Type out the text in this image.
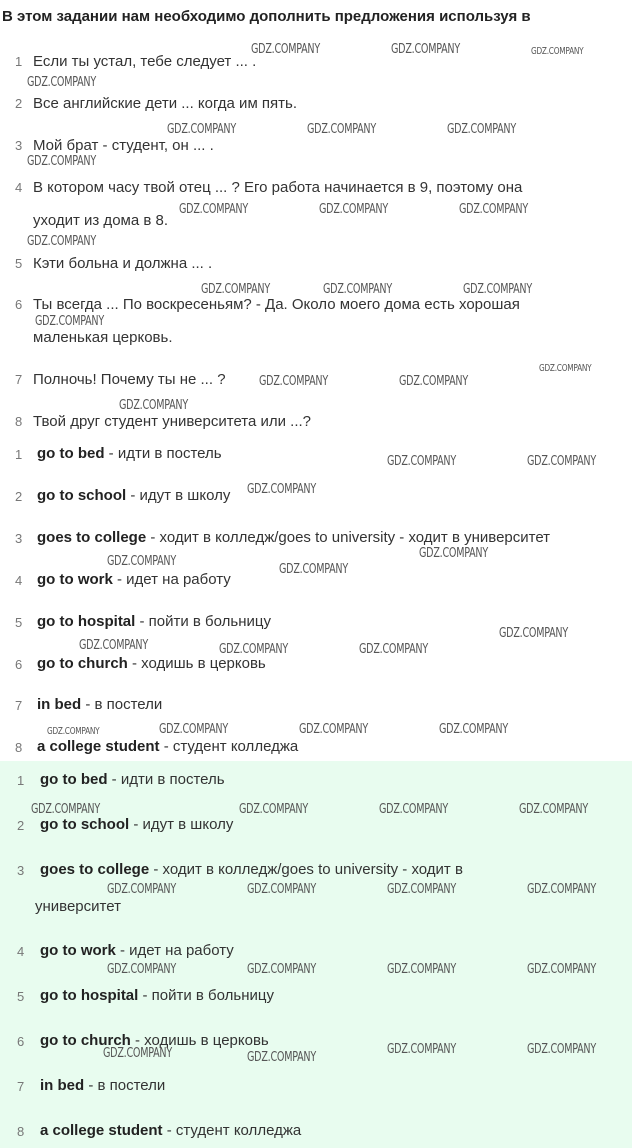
В этом задании нам необходимо дополнить предложения используя в
1 Если ты устал, тебе следует ... .
2 Все английские дети ... когда им пять.
3 Мой брат - студент, он ... .
4 В котором часу твой отец ... ? Его работа начинается в 9, поэтому она
уходит из дома в 8.
5 Кэти больна и должна ... .
6 Ты всегда ... По воскресеньям? - Да. Около моего дома есть хорошая
маленькая церковь.
7 Полночь! Почему ты не ... ?
8 Твой друг студент университета или ...?
1 go to bed - идти в постель
2 go to school - идут в школу
3 goes to college - ходит в колледж/goes to university - ходит в университет
4 go to work - идет на работу
5 go to hospital - пойти в больницу
6 go to church - ходишь в церковь
7 in bed - в постели
8 a college student - студент колледжа
1 go to bed - идти в постель
2 go to school - идут в школу
3 goes to college - ходит в колледж/goes to university - ходит в
университет
4 go to work - идет на работу
5 go to hospital - пойти в больницу
6 go to church - ходишь в церковь
7 in bed - в постели
8 a college student - студент колледжа
GDZ.COMPANY	GDZ.COMPANY	GDZ.COMPANY
GDZ.COMPANY
GDZ.COMPANY	GDZ.COMPANY	GDZ.COMPANY
GDZ.COMPANY
GDZ.COMPANY	GDZ.COMPANY	GDZ.COMPANY
GDZ.COMPANY
GDZ.COMPANY	GDZ.COMPANY	GDZ.COMPANY
GDZ.COMPANY
GDZ.COMPANY
GDZ.COMPANY	GDZ.COMPANY
GDZ.COMPANY
GDZ.COMPANY	GDZ.COMPANY
GDZ.COMPANY
GDZ.COMPANY
GDZ.COMPANY
GDZ.COMPANY
GDZ.COMPANY
GDZ.COMPANY	GDZ.COMPANY	GDZ.COMPANY
GDZ.COMPANY	GDZ.COMPANY	GDZ.COMPANY	GDZ.COMPANY
GDZ.COMPANY	GDZ.COMPANY	GDZ.COMPANY	GDZ.COMPANY
GDZ.COMPANY	GDZ.COMPANY	GDZ.COMPANY	GDZ.COMPANY
GDZ.COMPANY	GDZ.COMPANY	GDZ.COMPANY	GDZ.COMPANY
GDZ.COMPANY	GDZ.COMPANY
GDZ.COMPANY	GDZ.COMPANY
